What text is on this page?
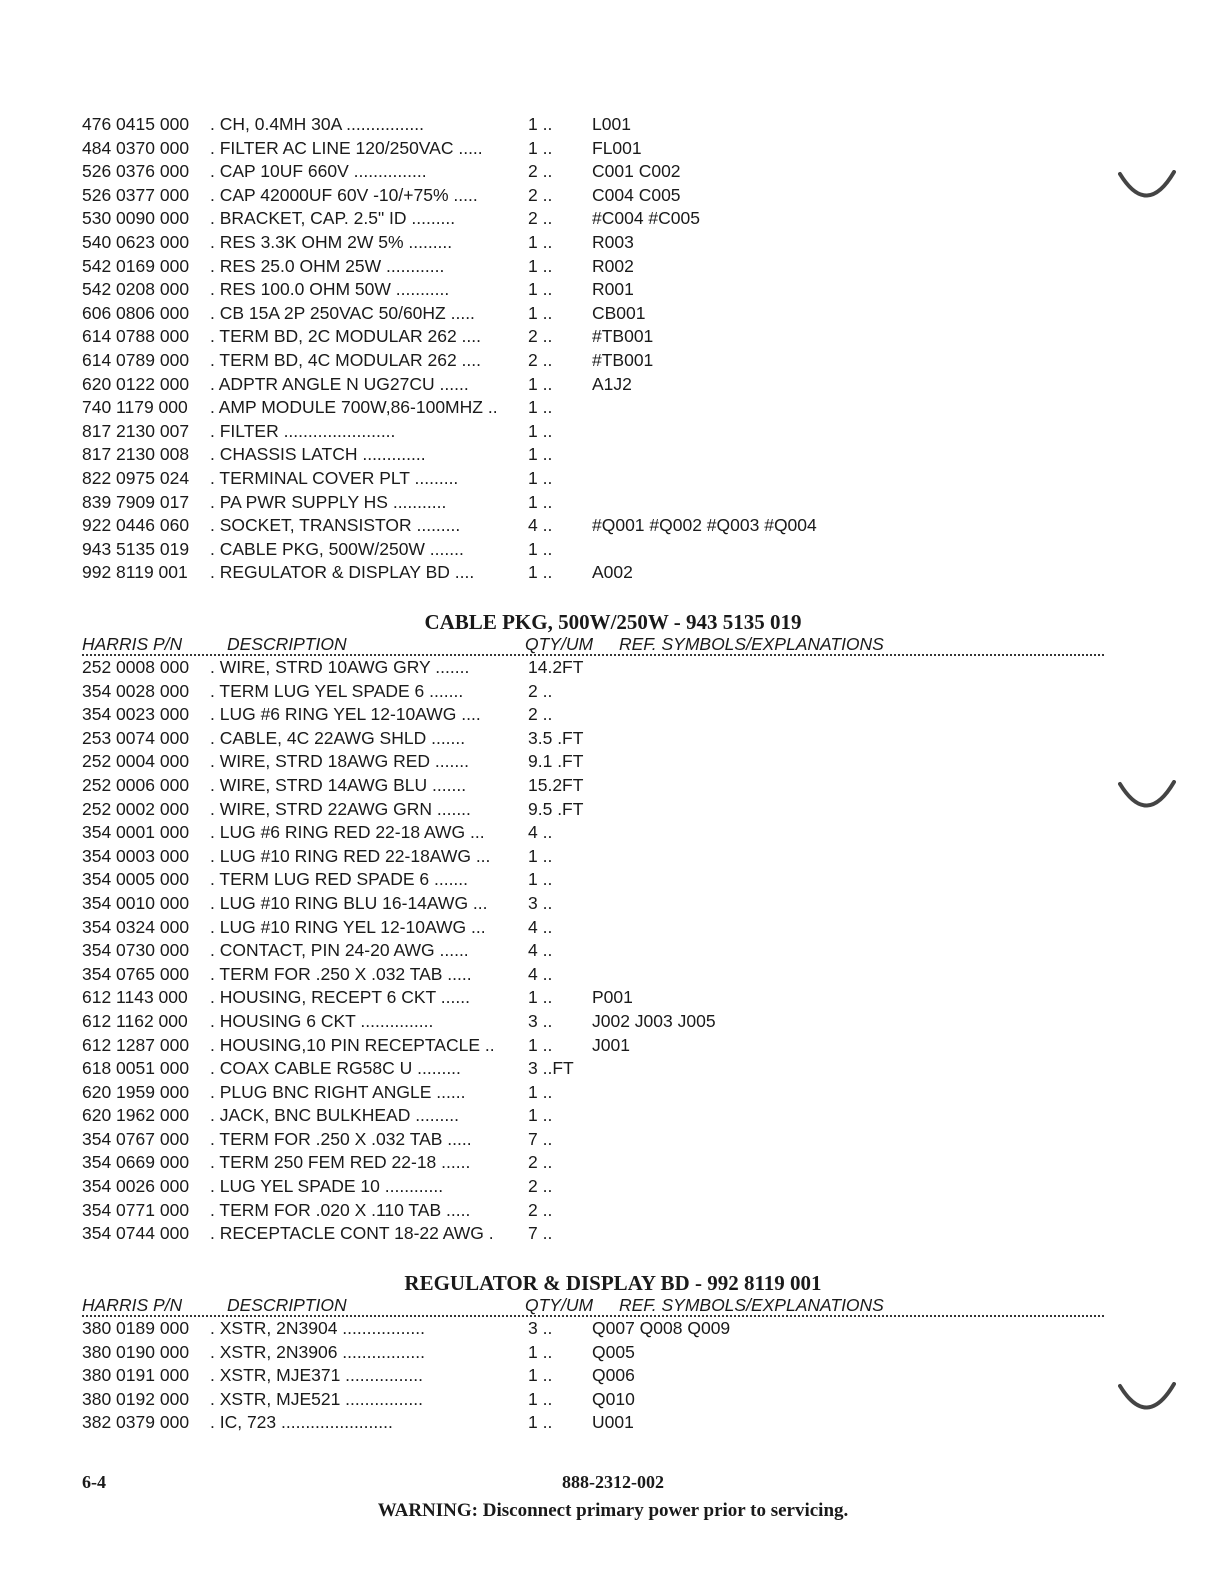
476 0415 000	. CH, 0.4MH 30A ................	1 ..	L001
484 0370 000	. FILTER AC LINE 120/250VAC .....	1 ..	FL001
526 0376 000	. CAP 10UF 660V ...............	2 ..	C001 C002
526 0377 000	. CAP 42000UF 60V -10/+75% .....	2 ..	C004 C005
530 0090 000	. BRACKET, CAP. 2.5" ID .........	2 ..	#C004 #C005
540 0623 000	. RES 3.3K OHM 2W 5% .........	1 ..	R003
542 0169 000	. RES 25.0 OHM 25W ............	1 ..	R002
542 0208 000	. RES 100.0 OHM 50W ...........	1 ..	R001
606 0806 000	. CB 15A 2P 250VAC 50/60HZ .....	1 ..	CB001
614 0788 000	. TERM BD, 2C MODULAR 262 ....	2 ..	#TB001
614 0789 000	. TERM BD, 4C MODULAR 262 ....	2 ..	#TB001
620 0122 000	. ADPTR ANGLE N UG27CU ......	1 ..	A1J2
740 1179 000	. AMP MODULE 700W,86-100MHZ ..	1 ..
817 2130 007	. FILTER .......................	1 ..
817 2130 008	. CHASSIS LATCH .............	1 ..
822 0975 024	. TERMINAL COVER PLT .........	1 ..
839 7909 017	. PA PWR SUPPLY HS ...........	1 ..
922 0446 060	. SOCKET, TRANSISTOR .........	4 ..	#Q001 #Q002 #Q003 #Q004
943 5135 019	. CABLE PKG, 500W/250W .......	1 ..
992 8119 001	. REGULATOR & DISPLAY BD ....	1 ..	A002
CABLE PKG, 500W/250W - 943 5135 019
HARRIS P/N	DESCRIPTION	QTY/UM REF. SYMBOLS/EXPLANATIONS
252 0008 000	. WIRE, STRD 10AWG GRY .......	14.2FT
354 0028 000	. TERM LUG YEL SPADE 6 .......	2 ..
354 0023 000	. LUG #6 RING YEL 12-10AWG ....	2 ..
253 0074 000	. CABLE, 4C 22AWG SHLD .......	3.5 .FT
252 0004 000	. WIRE, STRD 18AWG RED .......	9.1 .FT
252 0006 000	. WIRE, STRD 14AWG BLU .......	15.2FT
252 0002 000	. WIRE, STRD 22AWG GRN .......	9.5 .FT
354 0001 000	. LUG #6 RING RED 22-18 AWG ...	4 ..
354 0003 000	. LUG #10 RING RED 22-18AWG ...	1 ..
354 0005 000	. TERM LUG RED SPADE 6 .......	1 ..
354 0010 000	. LUG #10 RING BLU 16-14AWG ...	3 ..
354 0324 000	. LUG #10 RING YEL 12-10AWG ...	4 ..
354 0730 000	. CONTACT, PIN 24-20 AWG ......	4 ..
354 0765 000	. TERM FOR .250 X .032 TAB .....	4 ..
612 1143 000	. HOUSING, RECEPT 6 CKT ......	1 ..	P001
612 1162 000	. HOUSING 6 CKT ...............	3 ..	J002 J003 J005
612 1287 000	. HOUSING,10 PIN RECEPTACLE ..	1 ..	J001
618 0051 000	. COAX CABLE RG58C U .........	3 ..FT
620 1959 000	. PLUG BNC RIGHT ANGLE ......	1 ..
620 1962 000	. JACK, BNC BULKHEAD .........	1 ..
354 0767 000	. TERM FOR .250 X .032 TAB .....	7 ..
354 0669 000	. TERM 250 FEM RED 22-18 ......	2 ..
354 0026 000	. LUG YEL SPADE 10 ............	2 ..
354 0771 000	. TERM FOR .020 X .110 TAB .....	2 ..
354 0744 000	. RECEPTACLE CONT 18-22 AWG .	7 ..
REGULATOR & DISPLAY BD - 992 8119 001
HARRIS P/N	DESCRIPTION	QTY/UM REF. SYMBOLS/EXPLANATIONS
380 0189 000	. XSTR, 2N3904 .................	3 ..	Q007 Q008 Q009
380 0190 000	. XSTR, 2N3906 .................	1 ..	Q005
380 0191 000	. XSTR, MJE371 ................	1 ..	Q006
380 0192 000	. XSTR, MJE521 ................	1 ..	Q010
382 0379 000	. IC, 723 .......................	1 ..	U001
6-4	888-2312-002
WARNING: Disconnect primary power prior to servicing.
